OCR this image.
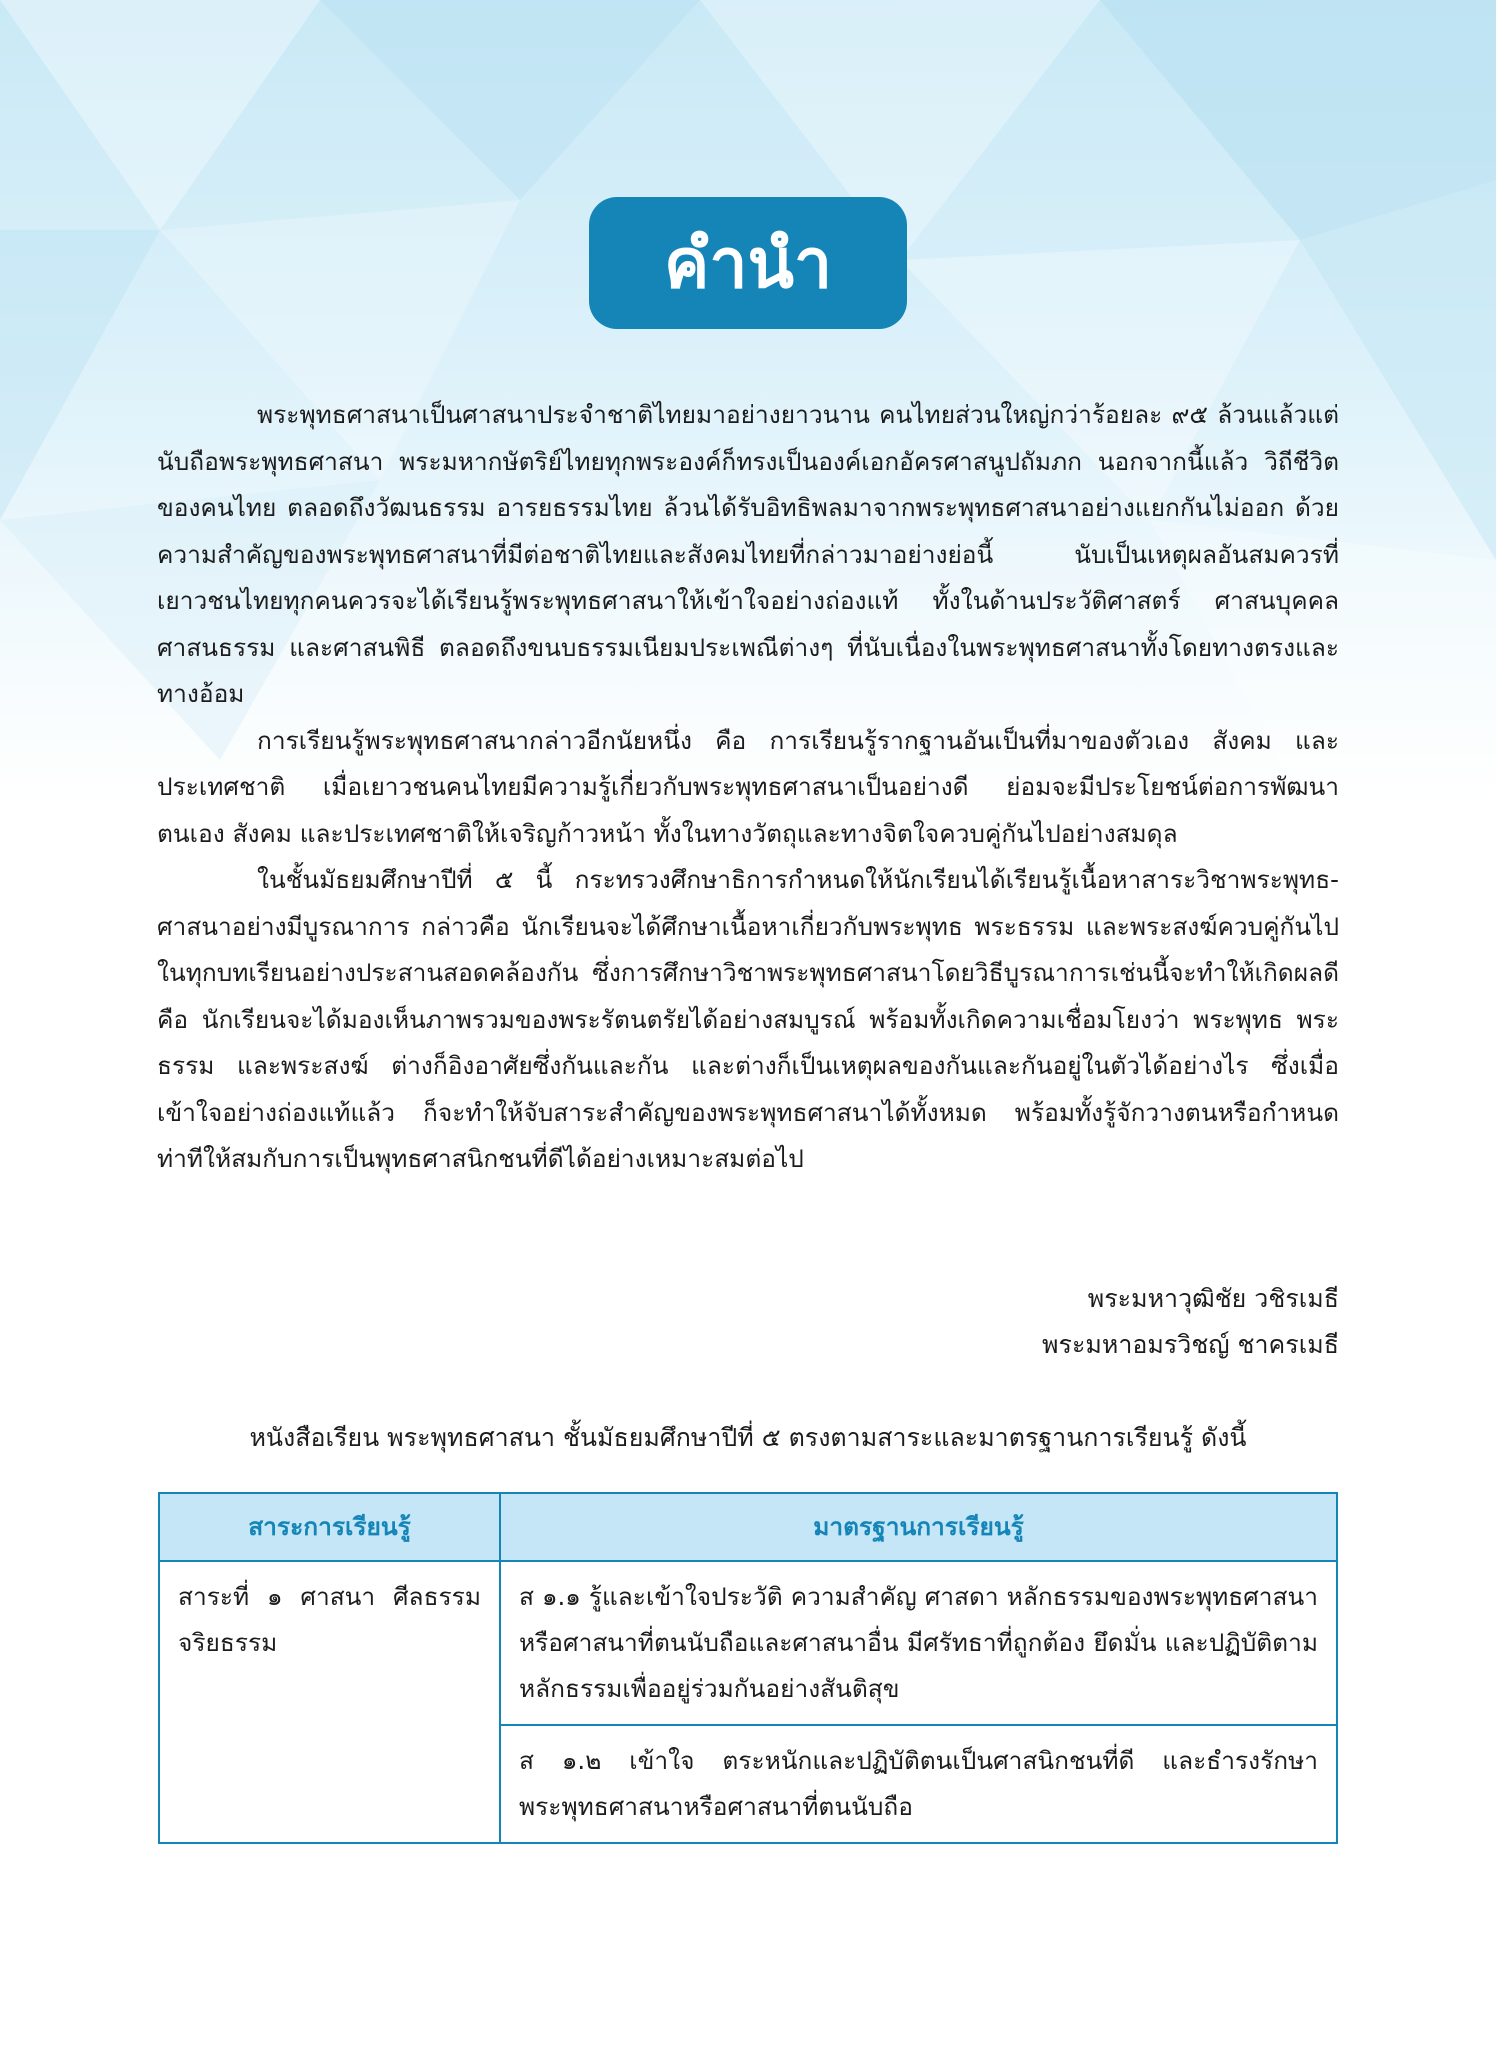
คำนำ

พระพุทธศาสนาเป็นศาสนาประจำชาติไทยมาอย่างยาวนาน คนไทยส่วนใหญ่กว่าร้อยละ ๙๕ ล้วนแล้วแต่นับถือพระพุทธศาสนา พระมหากษัตริย์ไทยทุกพระองค์ก็ทรงเป็นองค์เอกอัครศาสนูปถัมภก นอกจากนี้แล้ว วิถีชีวิตของคนไทย ตลอดถึงวัฒนธรรม อารยธรรมไทย ล้วนได้รับอิทธิพลมาจากพระพุทธศาสนาอย่างแยกกันไม่ออก ด้วยความสำคัญของพระพุทธศาสนาที่มีต่อชาติไทยและสังคมไทยที่กล่าวมาอย่างย่อนี้ นับเป็นเหตุผลอันสมควรที่เยาวชนไทยทุกคนควรจะได้เรียนรู้พระพุทธศาสนาให้เข้าใจอย่างถ่องแท้ ทั้งในด้านประวัติศาสตร์ ศาสนบุคคล ศาสนธรรม และศาสนพิธี ตลอดถึงขนบธรรมเนียมประเพณีต่างๆ ที่นับเนื่องในพระพุทธศาสนาทั้งโดยทางตรงและทางอ้อม

การเรียนรู้พระพุทธศาสนากล่าวอีกนัยหนึ่ง คือ การเรียนรู้รากฐานอันเป็นที่มาของตัวเอง สังคม และประเทศชาติ เมื่อเยาวชนคนไทยมีความรู้เกี่ยวกับพระพุทธศาสนาเป็นอย่างดี ย่อมจะมีประโยชน์ต่อการพัฒนาตนเอง สังคม และประเทศชาติให้เจริญก้าวหน้า ทั้งในทางวัตถุและทางจิตใจควบคู่กันไปอย่างสมดุล

ในชั้นมัธยมศึกษาปีที่ ๕ นี้ กระทรวงศึกษาธิการกำหนดให้นักเรียนได้เรียนรู้เนื้อหาสาระวิชาพระพุทธ-ศาสนาอย่างมีบูรณาการ กล่าวคือ นักเรียนจะได้ศึกษาเนื้อหาเกี่ยวกับพระพุทธ พระธรรม และพระสงฆ์ควบคู่กันไปในทุกบทเรียนอย่างประสานสอดคล้องกัน ซึ่งการศึกษาวิชาพระพุทธศาสนาโดยวิธีบูรณาการเช่นนี้จะทำให้เกิดผลดี คือ นักเรียนจะได้มองเห็นภาพรวมของพระรัตนตรัยได้อย่างสมบูรณ์ พร้อมทั้งเกิดความเชื่อมโยงว่า พระพุทธ พระธรรม และพระสงฆ์ ต่างก็อิงอาศัยซึ่งกันและกัน และต่างก็เป็นเหตุผลของกันและกันอยู่ในตัวได้อย่างไร ซึ่งเมื่อเข้าใจอย่างถ่องแท้แล้ว ก็จะทำให้จับสาระสำคัญของพระพุทธศาสนาได้ทั้งหมด พร้อมทั้งรู้จักวางตนหรือกำหนดท่าทีให้สมกับการเป็นพุทธศาสนิกชนที่ดีได้อย่างเหมาะสมต่อไป

พระมหาวุฒิชัย วชิรเมธี
พระมหาอมรวิชญ์ ชาครเมธี
หนังสือเรียน พระพุทธศาสนา ชั้นมัธยมศึกษาปีที่ ๕ ตรงตามสาระและมาตรฐานการเรียนรู้ ดังนี้
สาระการเรียนรู้	มาตรฐานการเรียนรู้
สาระที่ ๑ ศาสนา ศีลธรรม จริยธรรม	ส ๑.๑ รู้และเข้าใจประวัติ ความสำคัญ ศาสดา หลักธรรมของพระพุทธศาสนาหรือศาสนาที่ตนนับถือและศาสนาอื่น มีศรัทธาที่ถูกต้อง ยึดมั่น และปฏิบัติตามหลักธรรมเพื่ออยู่ร่วมกันอย่างสันติสุข
	ส ๑.๒ เข้าใจ ตระหนักและปฏิบัติตนเป็นศาสนิกชนที่ดี และธำรงรักษาพระพุทธศาสนาหรือศาสนาที่ตนนับถือ
